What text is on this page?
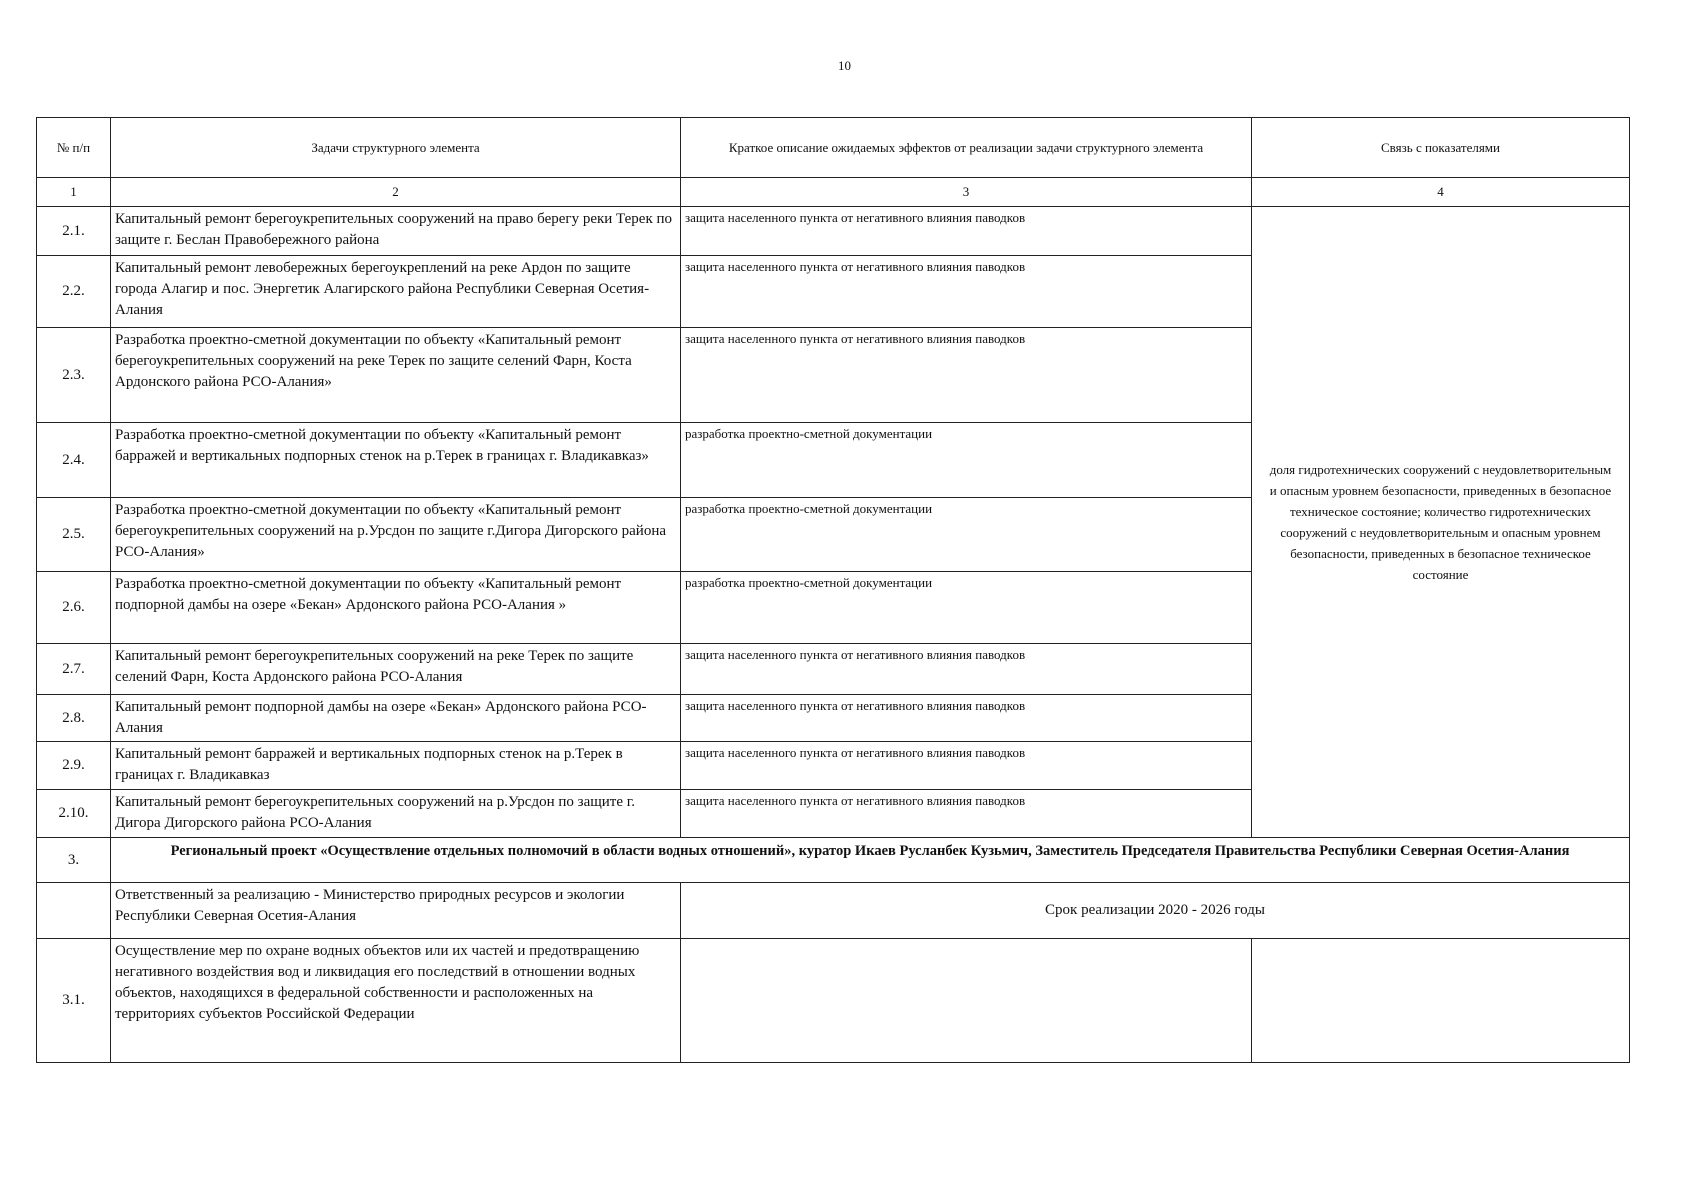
10
№ п/п	Задачи структурного элемента	Краткое описание ожидаемых эффектов от реализации задачи структурного элемента	Связь с показателями
1	2	3	4
2.1.	Капитальный ремонт берегоукрепительных сооружений на право берегу реки Терек по защите г. Беслан Правобережного района	защита населенного пункта от негативного влияния паводков	доля гидротехнических сооружений с неудовлетворительным и опасным уровнем безопасности, приведенных в безопасное техническое состояние; количество гидротехнических сооружений с неудовлетворительным и опасным уровнем безопасности, приведенных в безопасное техническое состояние
2.2.	Капитальный ремонт левобережных берегоукреплений на реке Ардон по защите города Алагир и пос. Энергетик Алагирского района Республики Северная Осетия-Алания	защита населенного пункта от негативного влияния паводков	
2.3.	Разработка проектно-сметной документации по объекту «Капитальный ремонт берегоукрепительных сооружений на реке Терек по защите селений Фарн, Коста Ардонского района РСО-Алания»	защита населенного пункта от негативного влияния паводков	
2.4.	Разработка проектно-сметной документации по объекту «Капитальный ремонт барражей и вертикальных подпорных стенок на р.Терек в границах г. Владикавказ»	разработка проектно-сметной документации	
2.5.	Разработка проектно-сметной документации по объекту «Капитальный ремонт берегоукрепительных сооружений на р.Урсдон по защите г.Дигора Дигорского района РСО-Алания»	разработка проектно-сметной документации	
2.6.	Разработка проектно-сметной документации по объекту «Капитальный ремонт подпорной дамбы на озере «Бекан» Ардонского района РСО-Алания »	разработка проектно-сметной документации	
2.7.	Капитальный ремонт берегоукрепительных сооружений на реке Терек по защите селений Фарн, Коста Ардонского района РСО-Алания	защита населенного пункта от негативного влияния паводков	
2.8.	Капитальный ремонт подпорной дамбы на озере «Бекан» Ардонского района РСО-Алания	защита населенного пункта от негативного влияния паводков	
2.9.	Капитальный ремонт барражей и вертикальных подпорных стенок на р.Терек в границах г. Владикавказ	защита населенного пункта от негативного влияния паводков	
2.10.	Капитальный ремонт берегоукрепительных сооружений на р.Урсдон по защите г. Дигора Дигорского района РСО-Алания	защита населенного пункта от негативного влияния паводков	
3.	Региональный проект «Осуществление отдельных полномочий в области водных отношений», куратор Икаев Русланбек Кузьмич, Заместитель Председателя Правительства Республики Северная Осетия-Алания		
	Ответственный за реализацию - Министерство природных ресурсов и экологии Республики Северная Осетия-Алания	Срок реализации 2020 - 2026 годы	
3.1.	Осуществление мер по охране водных объектов или их частей и предотвращению негативного воздействия вод и ликвидация его последствий в отношении водных объектов, находящихся в федеральной собственности и расположенных на территориях субъектов Российской Федерации		
